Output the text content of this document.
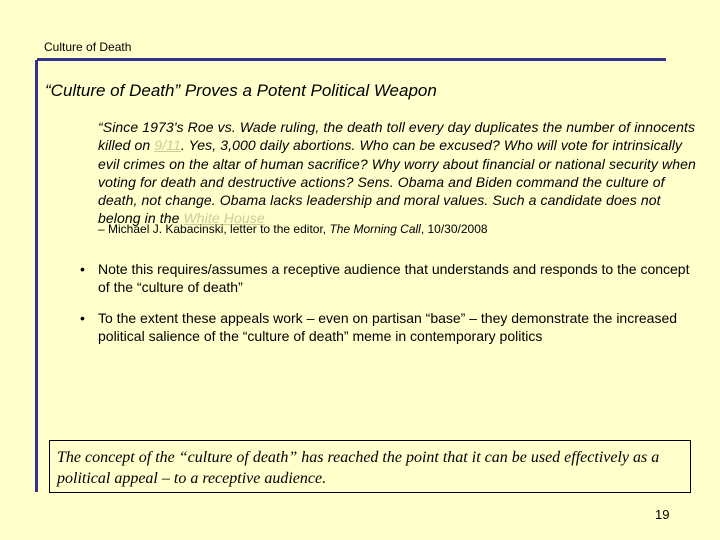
Culture of Death
“Culture of Death” Proves a Potent Political Weapon
“Since 1973's Roe vs. Wade ruling, the death toll every day duplicates the number of innocents killed on 9/11. Yes, 3,000 daily abortions. Who can be excused? Who will vote for intrinsically evil crimes on the altar of human sacrifice? Why worry about financial or national security when voting for death and destructive actions? Sens. Obama and Biden command the culture of death, not change. Obama lacks leadership and moral values. Such a candidate does not belong in the White House
– Michael J. Kabacinski, letter to the editor, The Morning Call, 10/30/2008
• Note this requires/assumes a receptive audience that understands and responds to the concept of the “culture of death”
• To the extent these appeals work – even on partisan “base” – they demonstrate the increased political salience of the “culture of death” meme in contemporary politics
The concept of the “culture of death” has reached the point that it can be used effectively as a political appeal – to a receptive audience.
19
